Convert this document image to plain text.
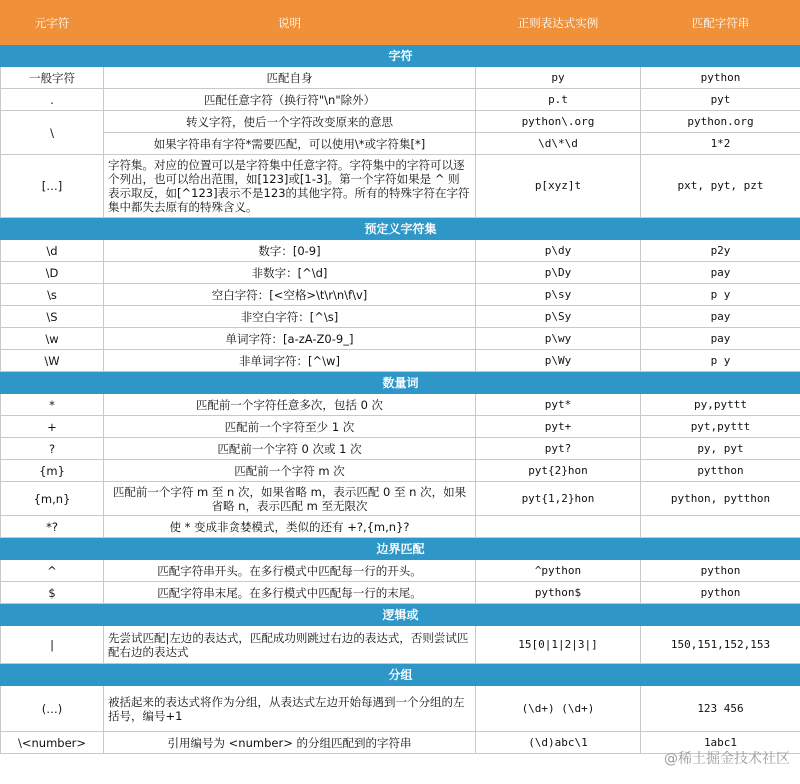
元字符	说明	正则表达式实例	匹配字符串
字符			
一般字符	匹配自身	py	python
.	匹配任意字符（换行符"\n"除外）	p.t	pyt
\	转义字符，使后一个字符改变原来的意思	python\.org	python.org
	如果字符串有字符*需要匹配，可以使用\*或字符集[*]	\d\*\d	1*2
[…]	字符集。对应的位置可以是字符集中任意字符。字符集中的字符可以逐个列出，也可以给出范围，如[123]或[1-3]。第一个字符如果是 ^ 则表示取反，如[^123]表示不是123的其他字符。所有的特殊字符在字符集中都失去原有的特殊含义。	p[xyz]t	pxt, pyt, pzt
预定义字符集			
\d	数字：[0-9]	p\dy	p2y
\D	非数字：[^\d]	p\Dy	pay
\s	空白字符：[<空格>\t\r\n\f\v]	p\sy	p y
\S	非空白字符：[^\s]	p\Sy	pay
\w	单词字符：[a-zA-Z0-9_]	p\wy	pay
\W	非单词字符：[^\w]	p\Wy	p y
数量词			
*	匹配前一个字符任意多次，包括 0 次	pyt*	py,pyttt
+	匹配前一个字符至少 1 次	pyt+	pyt,pyttt
?	匹配前一个字符 0 次或 1 次	pyt?	py, pyt
{m}	匹配前一个字符 m 次	pyt{2}hon	pytthon
{m,n}	匹配前一个字符 m 至 n 次，如果省略 m，表示匹配 0 至 n 次，如果省略 n，表示匹配 m 至无限次	pyt{1,2}hon	python, pytthon
*?	使 * 变成非贪婪模式，类似的还有 +?,{m,n}?		
边界匹配			
^	匹配字符串开头。在多行模式中匹配每一行的开头。	^python	python
$	匹配字符串末尾。在多行模式中匹配每一行的末尾。	python$	python
逻辑或			
|	先尝试匹配|左边的表达式，匹配成功则跳过右边的表达式，否则尝试匹配右边的表达式	15[0|1|2|3|]	150,151,152,153
分组			
(…)	被括起来的表达式将作为分组，从表达式左边开始每遇到一个分组的左括号，编号+1	(\d+) (\d+)	123 456
\<number>	引用编号为 <number> 的分组匹配到的字符串	(\d)abc\1	1abc1
@稀土掘金技术社区
